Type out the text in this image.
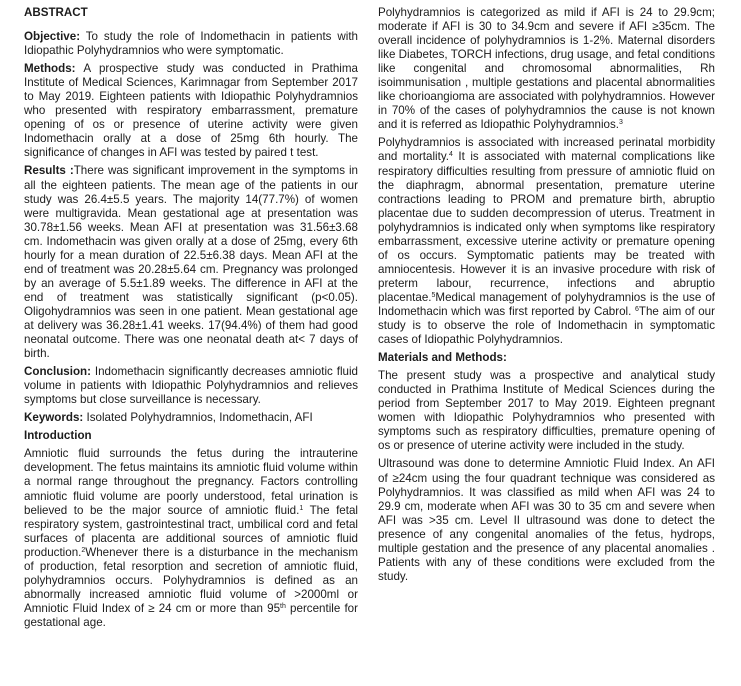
ABSTRACT

Objective: To study the role of Indomethacin in patients with Idiopathic Polyhydramnios who were symptomatic.

Methods: A prospective study was conducted in Prathima Institute of Medical Sciences, Karimnagar from September 2017 to May 2019. Eighteen patients with Idiopathic Polyhydramnios who presented with respiratory embarrassment, premature opening of os or presence of uterine activity were given Indomethacin orally at a dose of 25mg 6th hourly. The significance of changes in AFI was tested by paired t test.

Results :There was significant improvement in the symptoms in all the eighteen patients. The mean age of the patients in our study was 26.4±5.5 years. The majority 14(77.7%) of women were multigravida. Mean gestational age at presentation was 30.78±1.56 weeks. Mean AFI at presentation was 31.56±3.68 cm. Indomethacin was given orally at a dose of 25mg, every 6th hourly for a mean duration of 22.5±6.38 days. Mean AFI at the end of treatment was 20.28±5.64 cm. Pregnancy was prolonged by an average of 5.5±1.89 weeks. The difference in AFI at the end of treatment was statistically significant (p<0.05). Oligohydramnios was seen in one patient. Mean gestational age at delivery was 36.28±1.41 weeks. 17(94.4%) of them had good neonatal outcome. There was one neonatal death at< 7 days of birth.

Conclusion: Indomethacin significantly decreases amniotic fluid volume in patients with Idiopathic Polyhydramnios and relieves symptoms but close surveillance is necessary.

Keywords: Isolated Polyhydramnios, Indomethacin, AFI

Introduction

Amniotic fluid surrounds the fetus during the intrauterine development. The fetus maintains its amniotic fluid volume within a normal range throughout the pregnancy. Factors controlling amniotic fluid volume are poorly understood, fetal urination is believed to be the major source of amniotic fluid.$^1$ The fetal respiratory system, gastrointestinal tract, umbilical cord and fetal surfaces of placenta are additional sources of amniotic fluid production.$^2$Whenever there is a disturbance in the mechanism of production, fetal resorption and secretion of amniotic fluid, polyhydramnios occurs. Polyhydramnios is defined as an abnormally increased amniotic fluid volume of >2000ml or Amniotic Fluid Index of ≥ 24 cm or more than 95th percentile for gestational age.

Polyhydramnios is categorized as mild if AFI is 24 to 29.9cm; moderate if AFI is 30 to 34.9cm and severe if AFI ≥35cm. The overall incidence of polyhydramnios is 1-2%. Maternal disorders like Diabetes, TORCH infections, drug usage, and fetal conditions like congenital and chromosomal abnormalities, Rh isoimmunisation , multiple gestations and placental abnormalities like chorioangioma are associated with polyhydramnios. However in 70% of the cases of polyhydramnios the cause is not known and it is referred as Idiopathic Polyhydramnios.$^3$

Polyhydramnios is associated with increased perinatal morbidity and mortality.$^4$ It is associated with maternal complications like respiratory difficulties resulting from pressure of amniotic fluid on the diaphragm, abnormal presentation, premature uterine contractions leading to PROM and premature birth, abruptio placentae due to sudden decompression of uterus. Treatment in polyhydramnios is indicated only when symptoms like respiratory embarrassment, excessive uterine activity or premature opening of os occurs. Symptomatic patients may be treated with amniocentesis. However it is an invasive procedure with risk of preterm labour, recurrence, infections and abruptio placentae.$^5$Medical management of polyhydramnios is the use of Indomethacin which was first reported by Cabrol. $^6$The aim of our study is to observe the role of Indomethacin in symptomatic cases of Idiopathic Polyhydramnios.

Materials and Methods:

The present study was a prospective and analytical study conducted in Prathima Institute of Medical Sciences during the period from September 2017 to May 2019. Eighteen pregnant women with Idiopathic Polyhydramnios who presented with symptoms such as respiratory difficulties, premature opening of os or presence of uterine activity were included in the study.

Ultrasound was done to determine Amniotic Fluid Index. An AFI of ≥24cm using the four quadrant technique was considered as Polyhydramnios. It was classified as mild when AFI was 24 to 29.9 cm, moderate when AFI was 30 to 35 cm and severe when AFI was >35 cm. Level II ultrasound was done to detect the presence of any congenital anomalies of the fetus, hydrops, multiple gestation and the presence of any placental anomalies . Patients with any of these conditions were excluded from the study.
